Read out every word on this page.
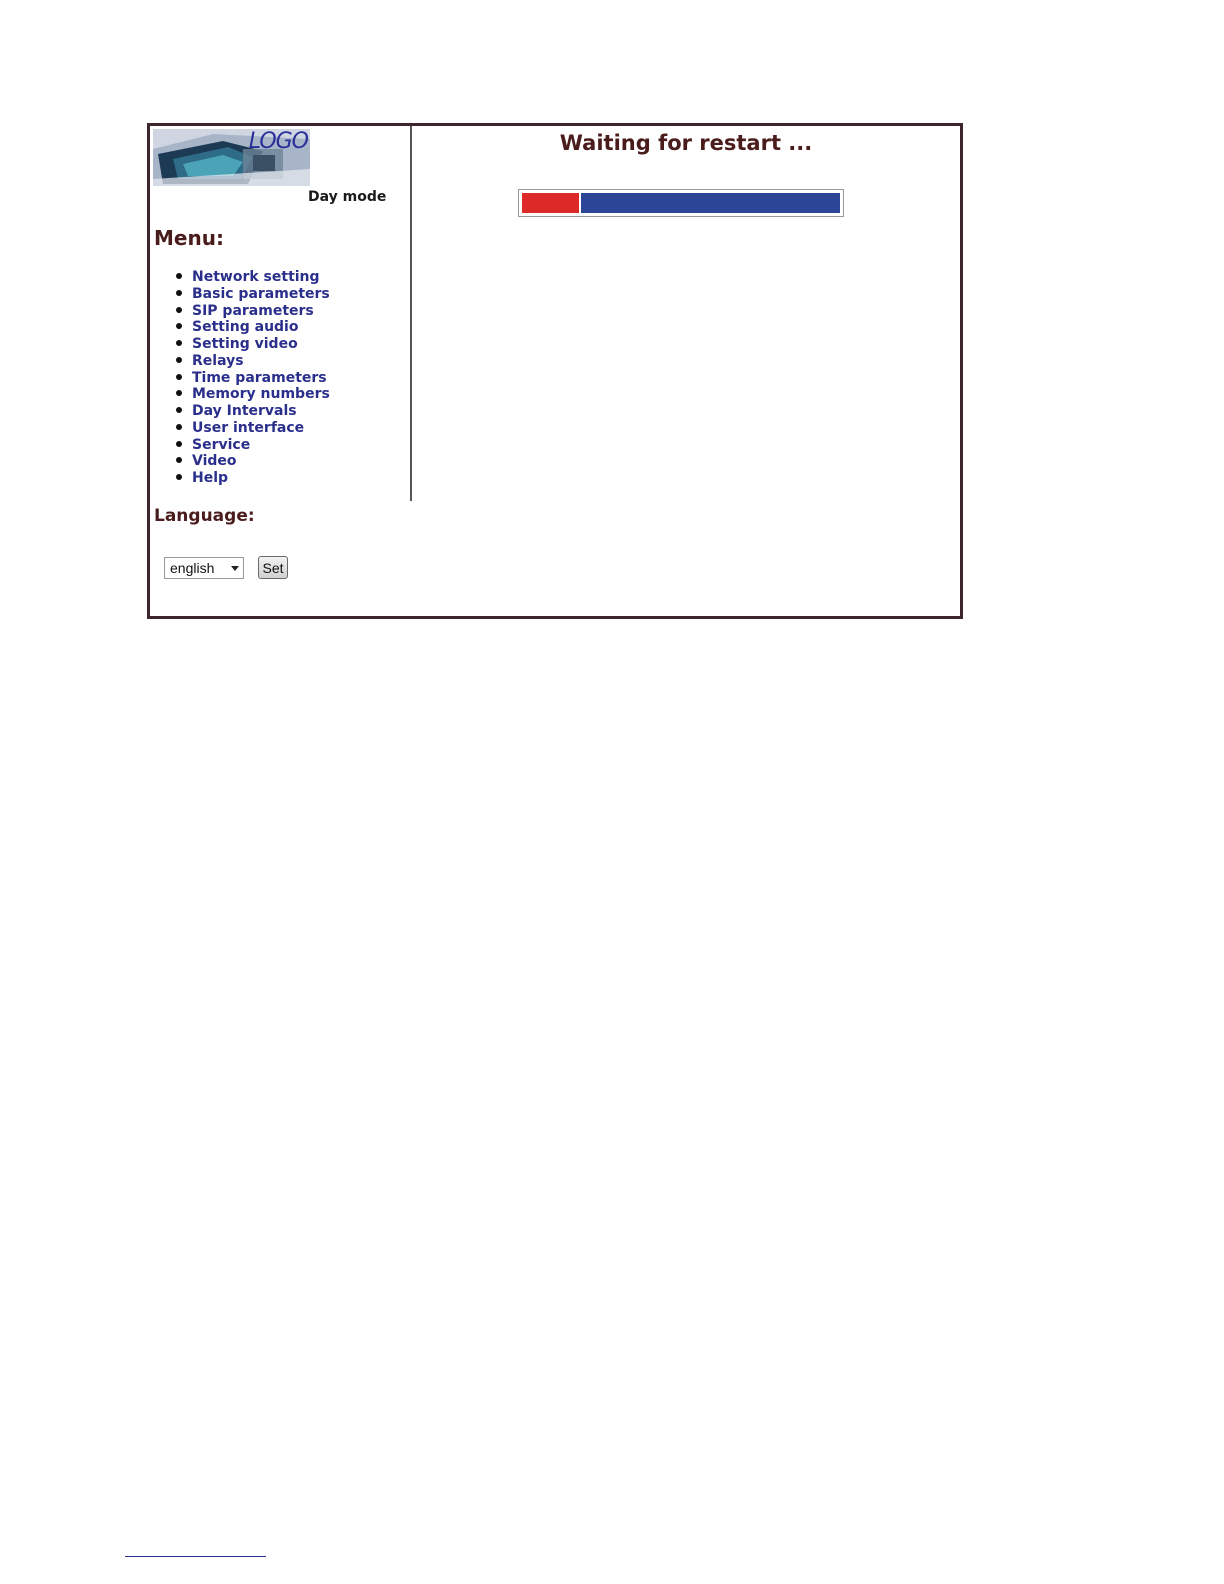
LOGO
Day mode
Menu:
Network setting
Basic parameters
SIP parameters
Setting audio
Setting video
Relays
Time parameters
Memory numbers
Day Intervals
User interface
Service
Video
Help
Language:
english	Set
Waiting for restart ...
